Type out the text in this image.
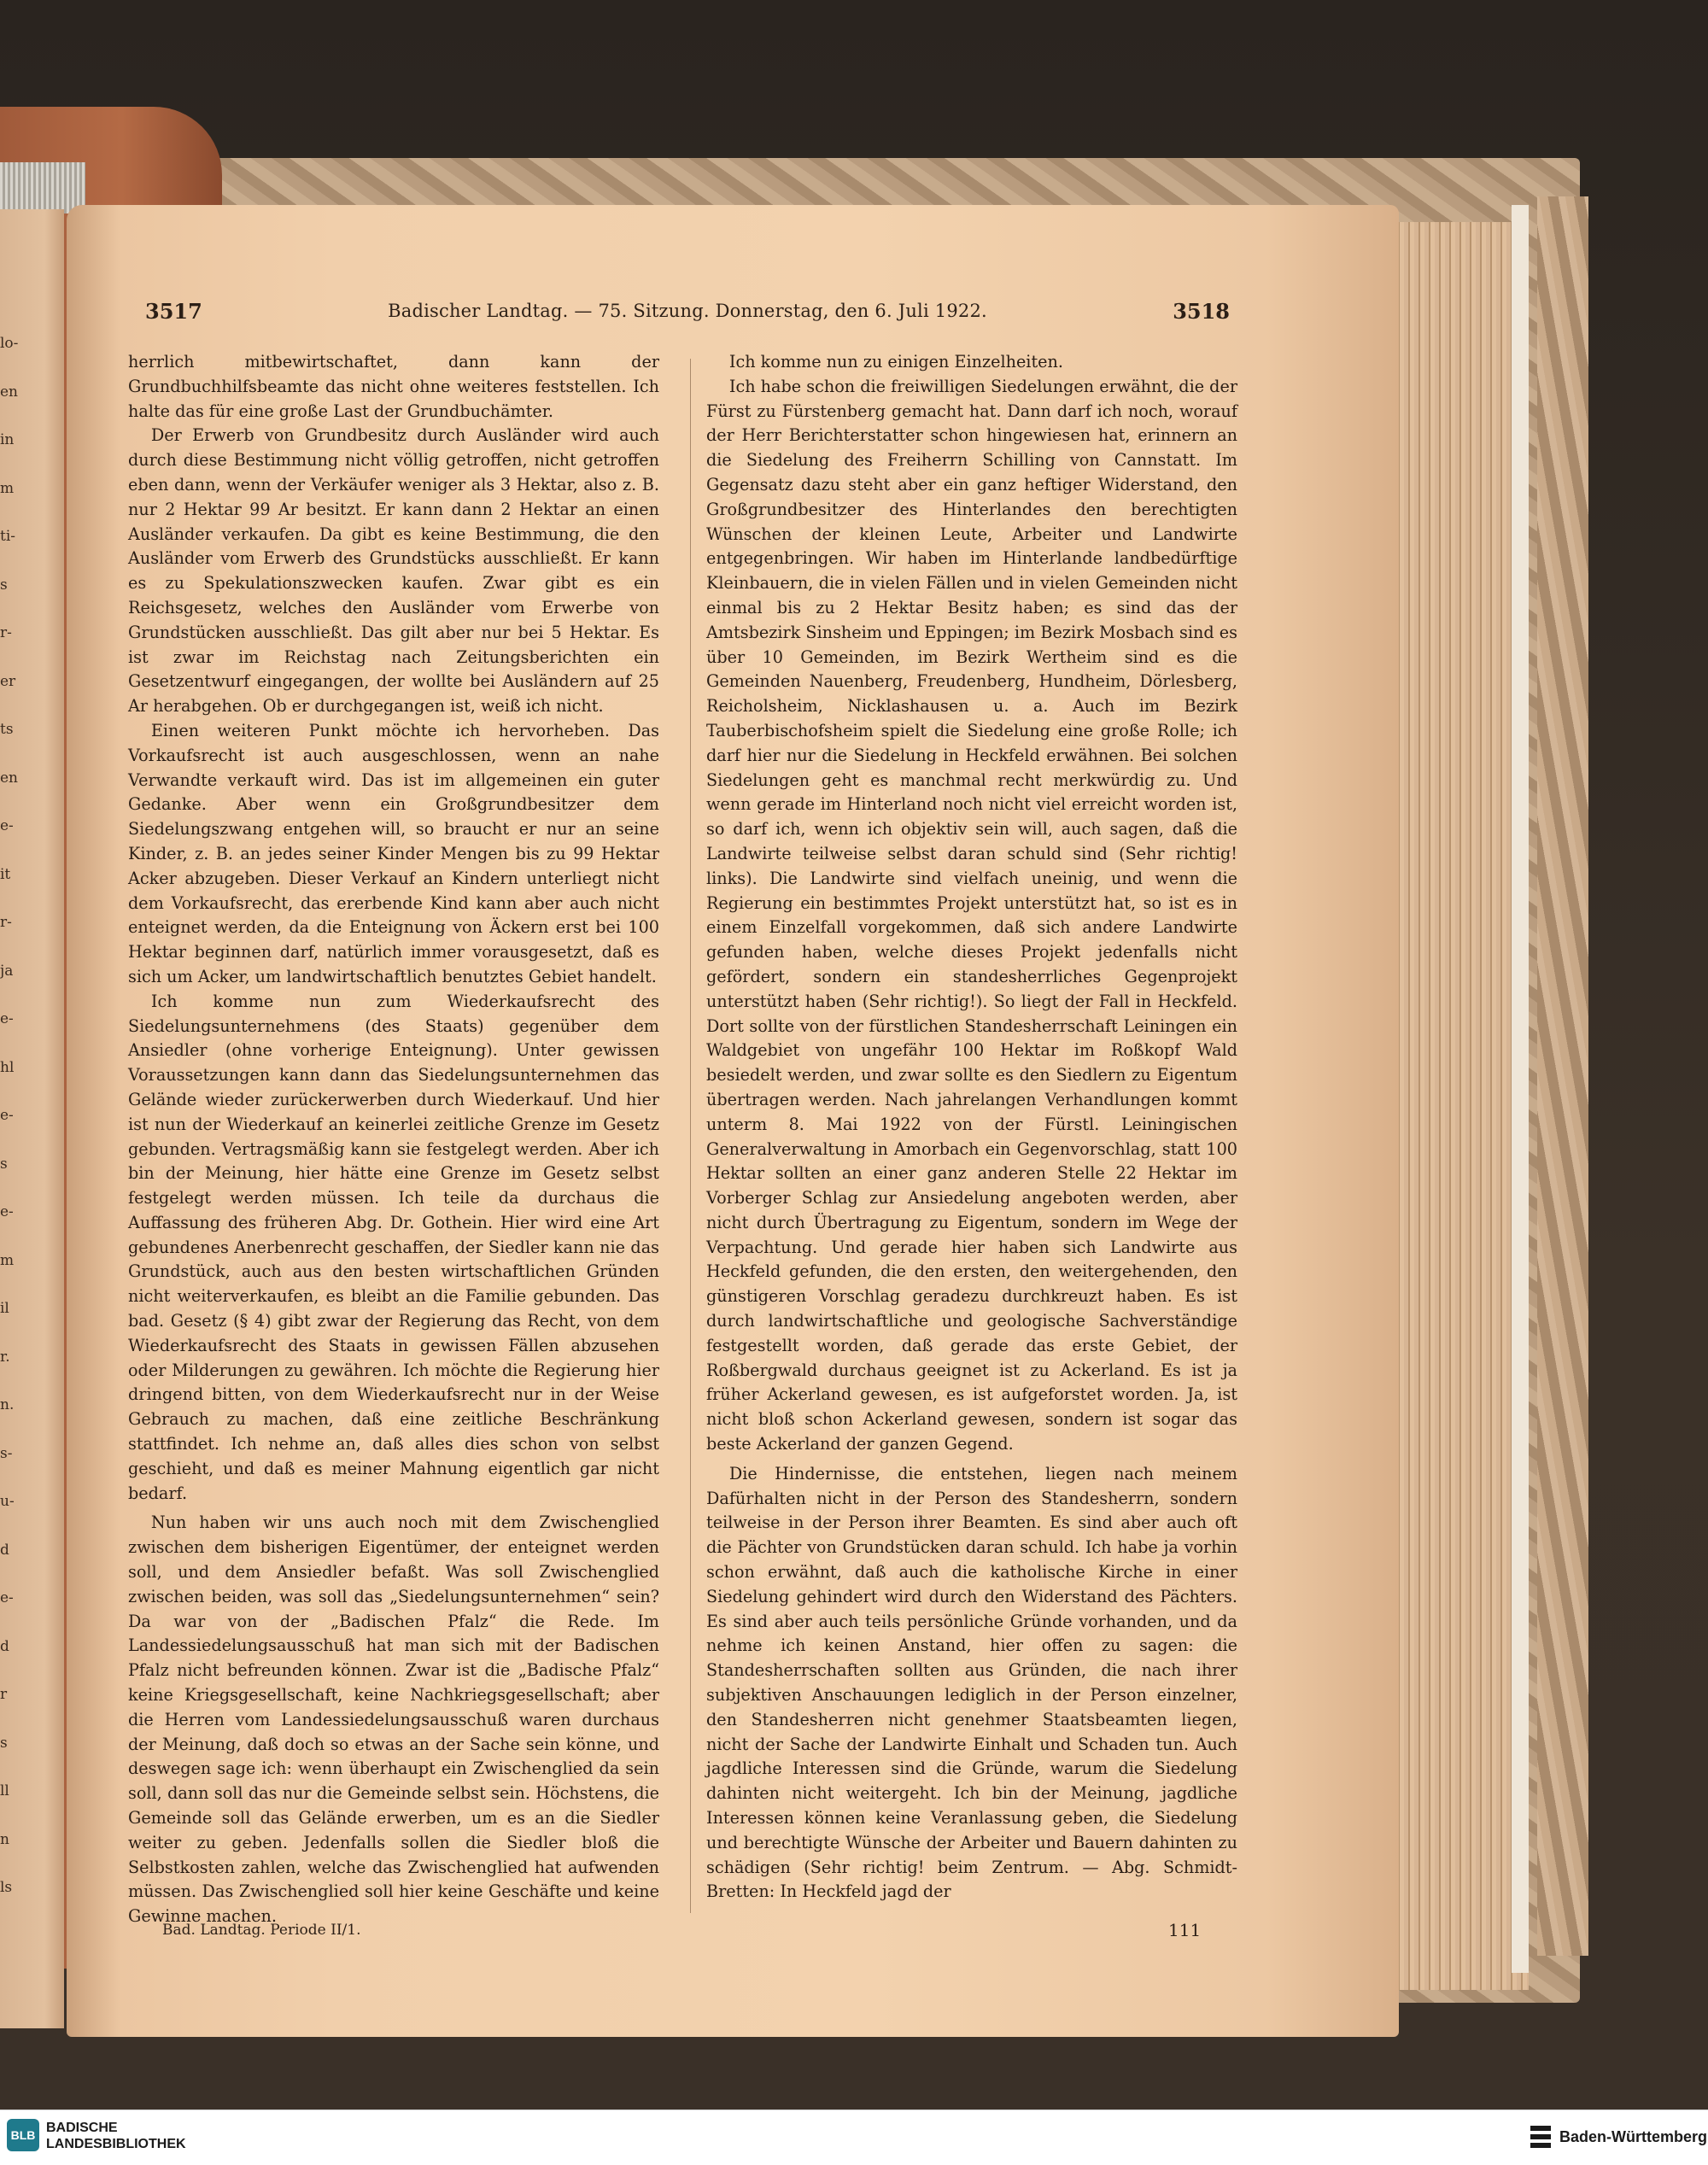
lo-
en
in
m
ti-
s
r-
er
ts
en
e-
it
r-
ja
e-
hl
e-
s
e-
m
il
r.
n.
s-
u-
d
e-
d
r
s
ll
n
ls
3517	Badischer Landtag. — 75. Sitzung. Donnerstag, den 6. Juli 1922.	3518

herrlich mitbewirtschaftet, dann kann der Grundbuchhilfsbeamte das nicht ohne weiteres feststellen. Ich halte das für eine große Last der Grundbuchämter.

Der Erwerb von Grundbesitz durch Ausländer wird auch durch diese Bestimmung nicht völlig getroffen, nicht getroffen eben dann, wenn der Verkäufer weniger als 3 Hektar, also z. B. nur 2 Hektar 99 Ar besitzt. Er kann dann 2 Hektar an einen Ausländer verkaufen. Da gibt es keine Bestimmung, die den Ausländer vom Erwerb des Grundstücks ausschließt. Er kann es zu Spekulationszwecken kaufen. Zwar gibt es ein Reichsgesetz, welches den Ausländer vom Erwerbe von Grundstücken ausschließt. Das gilt aber nur bei 5 Hektar. Es ist zwar im Reichstag nach Zeitungsberichten ein Gesetzentwurf eingegangen, der wollte bei Ausländern auf 25 Ar herabgehen. Ob er durchgegangen ist, weiß ich nicht.

Einen weiteren Punkt möchte ich hervorheben. Das Vorkaufsrecht ist auch ausgeschlossen, wenn an nahe Verwandte verkauft wird. Das ist im allgemeinen ein guter Gedanke. Aber wenn ein Großgrundbesitzer dem Siedelungszwang entgehen will, so braucht er nur an seine Kinder, z. B. an jedes seiner Kinder Mengen bis zu 99 Hektar Acker abzugeben. Dieser Verkauf an Kindern unterliegt nicht dem Vorkaufsrecht, das ererbende Kind kann aber auch nicht enteignet werden, da die Enteignung von Äckern erst bei 100 Hektar beginnen darf, natürlich immer vorausgesetzt, daß es sich um Acker, um landwirtschaftlich benutztes Gebiet handelt.

Ich komme nun zum Wiederkaufsrecht des Siedelungsunternehmens (des Staats) gegenüber dem Ansiedler (ohne vorherige Enteignung). Unter gewissen Voraussetzungen kann dann das Siedelungsunternehmen das Gelände wieder zurückerwerben durch Wiederkauf. Und hier ist nun der Wiederkauf an keinerlei zeitliche Grenze im Gesetz gebunden. Vertragsmäßig kann sie festgelegt werden. Aber ich bin der Meinung, hier hätte eine Grenze im Gesetz selbst festgelegt werden müssen. Ich teile da durchaus die Auffassung des früheren Abg. Dr. Gothein. Hier wird eine Art gebundenes Anerbenrecht geschaffen, der Siedler kann nie das Grundstück, auch aus den besten wirtschaftlichen Gründen nicht weiterverkaufen, es bleibt an die Familie gebunden. Das bad. Gesetz (§ 4) gibt zwar der Regierung das Recht, von dem Wiederkaufsrecht des Staats in gewissen Fällen abzusehen oder Milderungen zu gewähren. Ich möchte die Regierung hier dringend bitten, von dem Wiederkaufsrecht nur in der Weise Gebrauch zu machen, daß eine zeitliche Beschränkung stattfindet. Ich nehme an, daß alles dies schon von selbst geschieht, und daß es meiner Mahnung eigentlich gar nicht bedarf.

Nun haben wir uns auch noch mit dem Zwischenglied zwischen dem bisherigen Eigentümer, der enteignet werden soll, und dem Ansiedler befaßt. Was soll Zwischenglied zwischen beiden, was soll das „Siedelungsunternehmen“ sein? Da war von der „Badischen Pfalz“ die Rede. Im Landessiedelungsausschuß hat man sich mit der Badischen Pfalz nicht befreunden können. Zwar ist die „Badische Pfalz“ keine Kriegsgesellschaft, keine Nachkriegsgesellschaft; aber die Herren vom Landessiedelungsausschuß waren durchaus der Meinung, daß doch so etwas an der Sache sein könne, und deswegen sage ich: wenn überhaupt ein Zwischenglied da sein soll, dann soll das nur die Gemeinde selbst sein. Höchstens, die Gemeinde soll das Gelände erwerben, um es an die Siedler weiter zu geben. Jedenfalls sollen die Siedler bloß die Selbstkosten zahlen, welche das Zwischenglied hat aufwenden müssen. Das Zwischenglied soll hier keine Geschäfte und keine Gewinne machen.

Ich komme nun zu einigen Einzelheiten.

Ich habe schon die freiwilligen Siedelungen erwähnt, die der Fürst zu Fürstenberg gemacht hat. Dann darf ich noch, worauf der Herr Berichterstatter schon hingewiesen hat, erinnern an die Siedelung des Freiherrn Schilling von Cannstatt. Im Gegensatz dazu steht aber ein ganz heftiger Widerstand, den Großgrundbesitzer des Hinterlandes den berechtigten Wünschen der kleinen Leute, Arbeiter und Landwirte entgegenbringen. Wir haben im Hinterlande landbedürftige Kleinbauern, die in vielen Fällen und in vielen Gemeinden nicht einmal bis zu 2 Hektar Besitz haben; es sind das der Amtsbezirk Sinsheim und Eppingen; im Bezirk Mosbach sind es über 10 Gemeinden, im Bezirk Wertheim sind es die Gemeinden Nauenberg, Freudenberg, Hundheim, Dörlesberg, Reicholsheim, Nicklashausen u. a. Auch im Bezirk Tauberbischofsheim spielt die Siedelung eine große Rolle; ich darf hier nur die Siedelung in Heckfeld erwähnen. Bei solchen Siedelungen geht es manchmal recht merkwürdig zu. Und wenn gerade im Hinterland noch nicht viel erreicht worden ist, so darf ich, wenn ich objektiv sein will, auch sagen, daß die Landwirte teilweise selbst daran schuld sind (Sehr richtig! links). Die Landwirte sind vielfach uneinig, und wenn die Regierung ein bestimmtes Projekt unterstützt hat, so ist es in einem Einzelfall vorgekommen, daß sich andere Landwirte gefunden haben, welche dieses Projekt jedenfalls nicht gefördert, sondern ein standesherrliches Gegenprojekt unterstützt haben (Sehr richtig!). So liegt der Fall in Heckfeld. Dort sollte von der fürstlichen Standesherrschaft Leiningen ein Waldgebiet von ungefähr 100 Hektar im Roßkopf Wald besiedelt werden, und zwar sollte es den Siedlern zu Eigentum übertragen werden. Nach jahrelangen Verhandlungen kommt unterm 8. Mai 1922 von der Fürstl. Leiningischen Generalverwaltung in Amorbach ein Gegenvorschlag, statt 100 Hektar sollten an einer ganz anderen Stelle 22 Hektar im Vorberger Schlag zur Ansiedelung angeboten werden, aber nicht durch Übertragung zu Eigentum, sondern im Wege der Verpachtung. Und gerade hier haben sich Landwirte aus Heckfeld gefunden, die den ersten, den weitergehenden, den günstigeren Vorschlag geradezu durchkreuzt haben. Es ist durch landwirtschaftliche und geologische Sachverständige festgestellt worden, daß gerade das erste Gebiet, der Roßbergwald durchaus geeignet ist zu Ackerland. Es ist ja früher Ackerland gewesen, es ist aufgeforstet worden. Ja, ist nicht bloß schon Ackerland gewesen, sondern ist sogar das beste Ackerland der ganzen Gegend.

Die Hindernisse, die entstehen, liegen nach meinem Dafürhalten nicht in der Person des Standesherrn, sondern teilweise in der Person ihrer Beamten. Es sind aber auch oft die Pächter von Grundstücken daran schuld. Ich habe ja vorhin schon erwähnt, daß auch die katholische Kirche in einer Siedelung gehindert wird durch den Widerstand des Pächters. Es sind aber auch teils persönliche Gründe vorhanden, und da nehme ich keinen Anstand, hier offen zu sagen: die Standesherrschaften sollten aus Gründen, die nach ihrer subjektiven Anschauungen lediglich in der Person einzelner, den Standesherren nicht genehmer Staatsbeamten liegen, nicht der Sache der Landwirte Einhalt und Schaden tun. Auch jagdliche Interessen sind die Gründe, warum die Siedelung dahinten nicht weitergeht. Ich bin der Meinung, jagdliche Interessen können keine Veranlassung geben, die Siedelung und berechtigte Wünsche der Arbeiter und Bauern dahinten zu schädigen (Sehr richtig! beim Zentrum. — Abg. Schmidt-Bretten: In Heckfeld jagd der

Bad. Landtag. Periode II/1.	111
BLB BADISCHE
LANDESBIBLIOTHEK	Baden-Württemberg
